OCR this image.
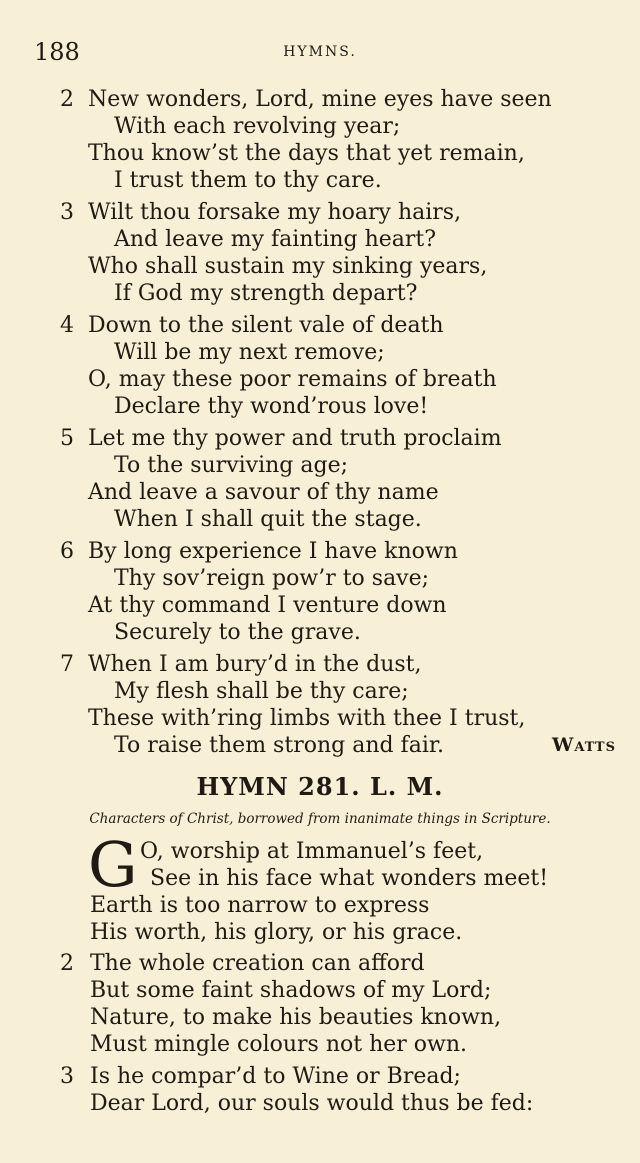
188	HYMNS.
2 New wonders, Lord, mine eyes have seen
With each revolving year;
Thou know’st the days that yet remain,
I trust them to thy care.
3 Wilt thou forsake my hoary hairs,
And leave my fainting heart?
Who shall sustain my sinking years,
If God my strength depart?
4 Down to the silent vale of death
Will be my next remove;
O, may these poor remains of breath
Declare thy wond’rous love!
5 Let me thy power and truth proclaim
To the surviving age;
And leave a savour of thy name
When I shall quit the stage.
6 By long experience I have known
Thy sov’reign pow’r to save;
At thy command I venture down
Securely to the grave.
7 When I am bury’d in the dust,
My flesh shall be thy care;
These with’ring limbs with thee I trust,
To raise them strong and fair.	Watts
HYMN 281. L. M.
Characters of Christ, borrowed from inanimate things in Scripture.
G O, worship at Immanuel’s feet,
See in his face what wonders meet!
Earth is too narrow to express
His worth, his glory, or his grace.
2 The whole creation can afford
But some faint shadows of my Lord;
Nature, to make his beauties known,
Must mingle colours not her own.
3 Is he compar’d to Wine or Bread;
Dear Lord, our souls would thus be fed:
